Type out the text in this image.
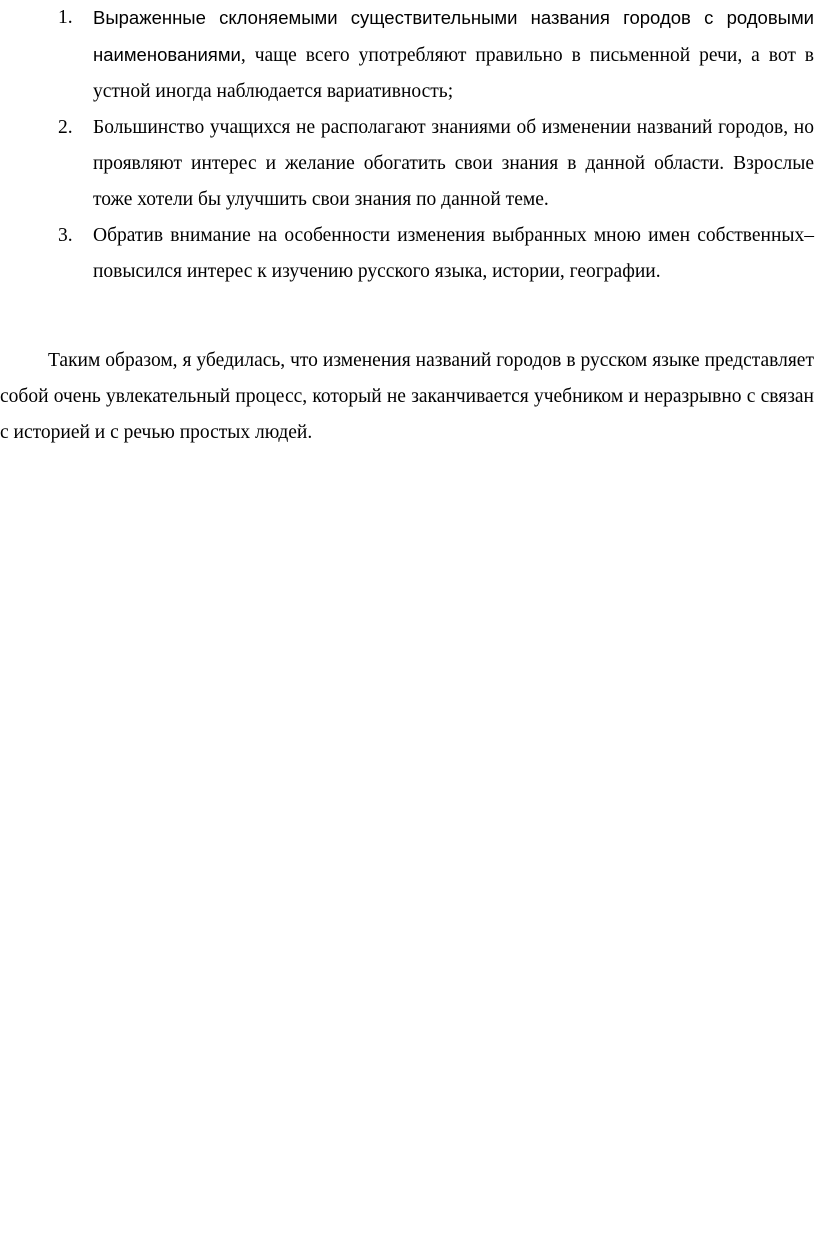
1.	Выраженные склоняемыми существительными названия городов с родовыми наименованиями, чаще всего употребляют правильно в письменной речи, а вот в устной иногда наблюдается вариативность;
2.	Большинство учащихся не располагают знаниями об изменении названий городов, но проявляют интерес и желание обогатить свои знания в данной области. Взрослые тоже хотели бы улучшить свои знания по данной теме.
3.	Обратив внимание на особенности изменения выбранных мною имен собственных– повысился интерес к изучению русского языка, истории, географии.

Таким образом, я убедилась, что изменения названий городов в русском языке представляет собой очень увлекательный процесс, который не заканчивается учебником и неразрывно с связан с историей и с речью простых людей.
